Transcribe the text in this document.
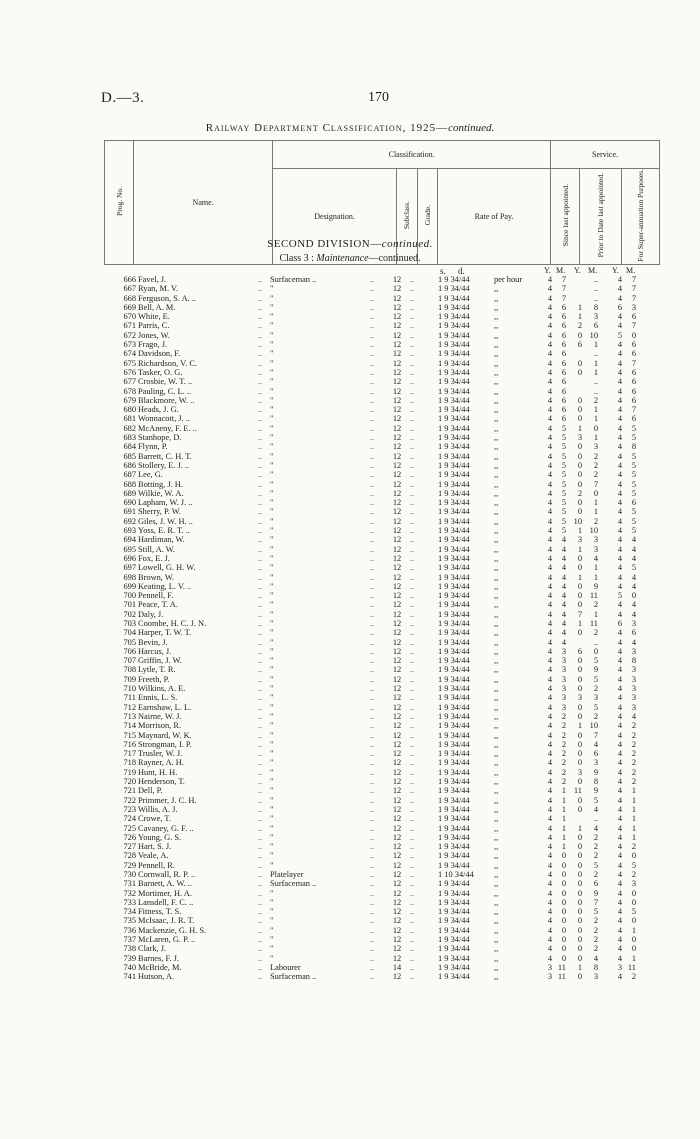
D.—3.	170
Railway Department Classification, 1925—continued.
Prog. No.	Name.	Classification.				Service.		
		Designation.	Subclass.	Grade.	Rate of Pay.	Since last appointed.	Prior to Date last appointed.	For Super-annuation Purposes.
SECOND DIVISION—continued.
Class 3 : Maintenance—continued.
s. d.	Y. M. Y. M. Y. M.
..	..	..
666 Favel, J.	Surfaceman ..	12	1 9 34/44	per hour	4	7	..	4	7
..	..	..
667 Ryan, M. V.	"	12	1 9 34/44	,,	4	7	..	4	7
..	..	..
668 Ferguson, S. A. ..	"	12	1 9 34/44	,,	4	7	..	4	7
..	..	..
669 Bell, A. M.	"	12	1 9 34/44	,,	4	6	1	8	6	3
..	..	..
670 White, E.	"	12	1 9 34/44	,,	4	6	1	3	4	6
..	..	..
671 Parris, C.	"	12	1 9 34/44	,,	4	6	2	6	4	7
..	..	..
672 Jones, W.	"	12	1 9 34/44	,,	4	6	0 10	5	0
..	..	..
673 Frago, J.	"	12	1 9 34/44	,,	4	6	6	1	4	6
..	..	..
674 Davidson, F.	"	12	1 9 34/44	,,	4	6	..	4	6
..	..	..
675 Richardson, V. C.	"	12	1 9 34/44	,,	4	6	0	1	4	7
..	..	..
676 Tasker, O. G.	"	12	1 9 34/44	,,	4	6	0	1	4	6
..	..	..
677 Crosbie, W. T. ..	"	12	1 9 34/44	,,	4	6	..	4	6
..	..	..
678 Pauling, C. L. ..	"	12	1 9 34/44	,,	4	6	..	4	6
..	..	..
679 Blackmore, W. ..	"	12	1 9 34/44	,,	4	6	0	2	4	6
..	..	..
680 Heads, J. G.	"	12	1 9 34/44	,,	4	6	0	1	4	7
..	..	..
681 Wonnacott, J. ..	"	12	1 9 34/44	,,	4	6	0	1	4	6
..	..	..
682 McAneny, F. E. ..	"	12	1 9 34/44	,,	4	5	1	0	4	5
..	..	..
683 Stanhope, D.	"	12	1 9 34/44	,,	4	5	3	1	4	5
..	..	..
684 Flynn, P.	"	12	1 9 34/44	,,	4	5	0	3	4	8
..	..	..
685 Barrett, C. H. T.	"	12	1 9 34/44	,,	4	5	0	2	4	5
..	..	..
686 Stollery, E. J. ..	"	12	1 9 34/44	,,	4	5	0	2	4	5
..	..	..
687 Lee, G.	"	12	1 9 34/44	,,	4	5	0	2	4	5
..	..	..
688 Botting, J. H.	"	12	1 9 34/44	,,	4	5	0	7	4	5
..	..	..
689 Wilkie, W. A.	"	12	1 9 34/44	,,	4	5	2	0	4	5
..	..	..
690 Lapham, W. J. ..	"	12	1 9 34/44	,,	4	5	0	1	4	6
..	..	..
691 Sherry, P. W.	"	12	1 9 34/44	,,	4	5	0	1	4	5
..	..	..
692 Giles, J. W. H. ..	"	12	1 9 34/44	,,	4	5 10	2	4	5
..	..	..
693 Yoss, E. R. T. ..	"	12	1 9 34/44	,,	4	5	1 10	4	5
..	..	..
694 Hardiman, W.	"	12	1 9 34/44	,,	4	4	3	3	4	4
..	..	..
695 Still, A. W.	"	12	1 9 34/44	,,	4	4	1	3	4	4
..	..	..
696 Fox, E. J.	"	12	1 9 34/44	,,	4	4	0	4	4	4
..	..	..
697 Lowell, G. H. W.	"	12	1 9 34/44	,,	4	4	0	1	4	5
..	..	..
698 Brown, W.	"	12	1 9 34/44	,,	4	4	1	1	4	4
..	..	..
699 Keating, L. V. ..	"	12	1 9 34/44	,,	4	4	0	9	4	4
..	..	..
700 Pennell, F.	"	12	1 9 34/44	,,	4	4	0 11	5	0
..	..	..
701 Peace, T. A.	"	12	1 9 34/44	,,	4	4	0	2	4	4
..	..	..
702 Daly, J.	"	12	1 9 34/44	,,	4	4	7	1	4	4
..	..	..
703 Coombe, H. C. J. N.	"	12	1 9 34/44	,,	4	4	1 11	6	3
..	..	..
704 Harper, T. W. T.	"	12	1 9 34/44	,,	4	4	0	2	4	6
..	..	..
705 Bevin, J.	"	12	1 9 34/44	,,	4	4	..	4	4
..	..	..
706 Harcus, J.	"	12	1 9 34/44	,,	4	3	6	0	4	3
..	..	..
707 Griffin, J. W.	"	12	1 9 34/44	,,	4	3	0	5	4	8
..	..	..
708 Lytle, T. R.	"	12	1 9 34/44	,,	4	3	0	9	4	3
..	..	..
709 Freeth, P.	"	12	1 9 34/44	,,	4	3	0	5	4	3
..	..	..
710 Wilkins, A. E.	"	12	1 9 34/44	,,	4	3	0	2	4	3
..	..	..
711 Ennis, L. S.	"	12	1 9 34/44	,,	4	3	3	3	4	3
..	..	..
712 Earnshaw, L. L.	"	12	1 9 34/44	,,	4	3	0	5	4	3
..	..	..
713 Nairne, W. J.	"	12	1 9 34/44	,,	4	2	0	2	4	4
..	..	..
714 Morrison, R.	"	12	1 9 34/44	,,	4	2	1 10	4	2
..	..	..
715 Maynard, W. K.	"	12	1 9 34/44	,,	4	2	0	7	4	2
..	..	..
716 Strongman, I. P.	"	12	1 9 34/44	,,	4	2	0	4	4	2
..	..	..
717 Trusler, W. J.	"	12	1 9 34/44	,,	4	2	0	6	4	2
..	..	..
718 Rayner, A. H.	"	12	1 9 34/44	,,	4	2	0	3	4	2
..	..	..
719 Hunt, H. H.	"	12	1 9 34/44	,,	4	2	3	9	4	2
..	..	..
720 Henderson, T.	"	12	1 9 34/44	,,	4	2	0	8	4	2
..	..	..
721 Dell, P.	"	12	1 9 34/44	,,	4	1 11	9	4	1
..	..	..
722 Primmer, J. C. H.	"	12	1 9 34/44	,,	4	1	0	5	4	1
..	..	..
723 Willis, A. J.	"	12	1 9 34/44	,,	4	1	0	4	4	1
..	..	..
724 Crowe, T.	"	12	1 9 34/44	,,	4	1	..	4	1
..	..	..
725 Cavaney, G. F. ..	"	12	1 9 34/44	,,	4	1	1	4	4	1
..	..	..
726 Young, G. S.	"	12	1 9 34/44	,,	4	1	0	2	4	1
..	..	..
727 Hart, S. J.	"	12	1 9 34/44	,,	4	1	0	2	4	2
..	..	..
728 Veale, A.	"	12	1 9 34/44	,,	4	0	0	2	4	0
..	..	..
729 Pennell, R.	"	12	1 9 34/44	,,	4	0	0	5	4	5
..	..	..
730 Cornwall, R. P. ..	Platelayer	12	1 10 34/44	,,	4	0	0	2	4	2
..	..	..
731 Barnett, A. W. ..	Surfaceman ..	12	1 9 34/44	,,	4	0	0	6	4	3
..	..	..
732 Mortimer, H. A.	"	12	1 9 34/44	,,	4	0	0	9	4	0
..	..	..
733 Lansdell, F. C. ..	"	12	1 9 34/44	,,	4	0	0	7	4	0
..	..	..
734 Fitness, T. S.	"	12	1 9 34/44	,,	4	0	0	5	4	5
..	..	..
735 McIsaac, J. R. T.	"	12	1 9 34/44	,,	4	0	0	2	4	0
..	..	..
736 Mackenzie, G. H. S.	"	12	1 9 34/44	,,	4	0	0	2	4	1
..	..	..
737 McLaren, G. P. ..	"	12	1 9 34/44	,,	4	0	0	2	4	0
..	..	..
738 Clark, J.	"	12	1 9 34/44	,,	4	0	0	2	4	0
..	..	..
739 Barnes, F. J.	"	12	1 9 34/44	,,	4	0	0	4	4	1
..	..	..
740 McBride, M.	Labourer	14	1 9 34/44	,,	3 11	1	8	3 11
..	..	..
741 Hutson, A.	Surfaceman ..	12	1 9 34/44	,,	3 11	0	3	4	2
